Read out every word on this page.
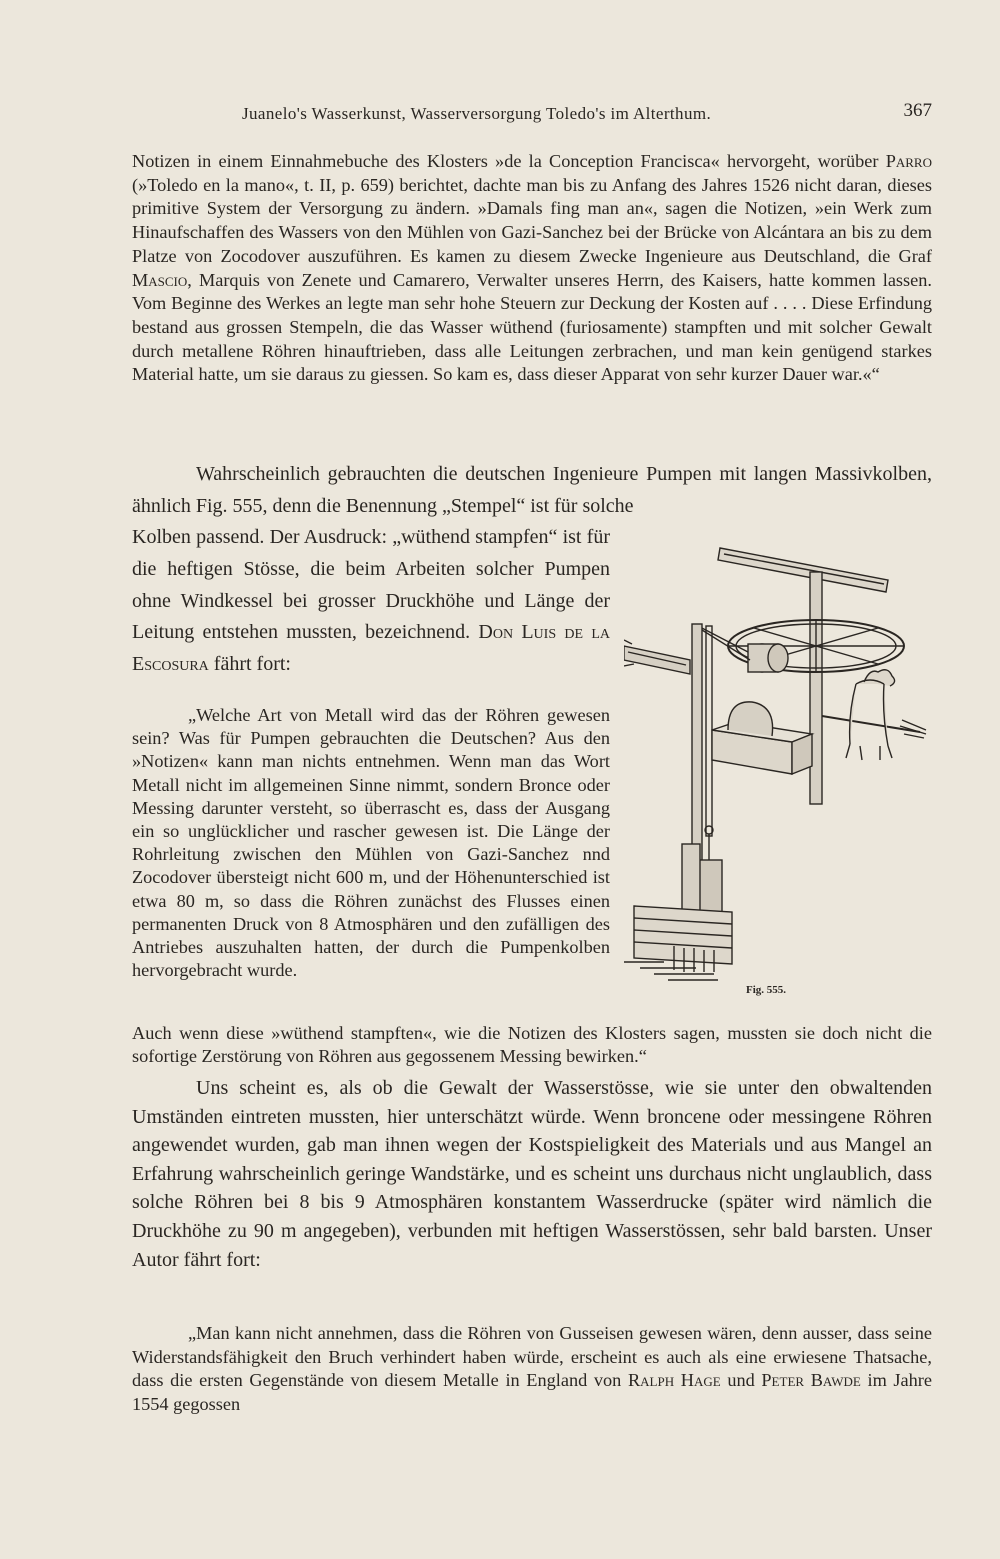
Juanelo's Wasserkunst, Wasserversorgung Toledo's im Alterthum.	367

Notizen in einem Einnahmebuche des Klosters »de la Conception Francisca« hervorgeht, worüber Parro (»Toledo en la mano«, t. II, p. 659) berichtet, dachte man bis zu Anfang des Jahres 1526 nicht daran, dieses primitive System der Versorgung zu ändern. »Damals fing man an«, sagen die Notizen, »ein Werk zum Hinaufschaffen des Wassers von den Mühlen von Gazi-Sanchez bei der Brücke von Alcántara an bis zu dem Platze von Zocodover auszuführen. Es kamen zu diesem Zwecke Ingenieure aus Deutschland, die Graf Mascio, Marquis von Zenete und Camarero, Verwalter unseres Herrn, des Kaisers, hatte kommen lassen. Vom Beginne des Werkes an legte man sehr hohe Steuern zur Deckung der Kosten auf . . . . Diese Erfindung bestand aus grossen Stempeln, die das Wasser wüthend (furiosamente) stampften und mit solcher Gewalt durch metallene Röhren hinauftrieben, dass alle Leitungen zerbrachen, und man kein genügend starkes Material hatte, um sie daraus zu giessen. So kam es, dass dieser Apparat von sehr kurzer Dauer war.«“

Wahrscheinlich gebrauchten die deutschen Ingenieure Pumpen mit langen Massivkolben, ähnlich Fig. 555, denn die Benennung „Stempel“ ist für solche

Kolben passend. Der Ausdruck: „wüthend stampfen“ ist für die heftigen Stösse, die beim Arbeiten solcher Pumpen ohne Windkessel bei grosser Druckhöhe und Länge der Leitung entstehen mussten, bezeichnend. Don Luis de la Escosura fährt fort:

„Welche Art von Metall wird das der Röhren gewesen sein? Was für Pumpen gebrauchten die Deutschen? Aus den »Notizen« kann man nichts entnehmen. Wenn man das Wort Metall nicht im allgemeinen Sinne nimmt, sondern Bronce oder Messing darunter versteht, so überrascht es, dass der Ausgang ein so unglücklicher und rascher gewesen ist. Die Länge der Rohrleitung zwischen den Mühlen von Gazi-Sanchez nnd Zocodover übersteigt nicht 600 m, und der Höhenunterschied ist etwa 80 m, so dass die Röhren zunächst des Flusses einen permanenten Druck von 8 Atmosphären und den zufälligen des Antriebes auszuhalten hatten, der durch die Pumpenkolben hervorgebracht wurde.

Auch wenn diese »wüthend stampften«, wie die Notizen des Klosters sagen, mussten sie doch nicht die sofortige Zerstörung von Röhren aus gegossenem Messing bewirken.“

Uns scheint es, als ob die Gewalt der Wasserstösse, wie sie unter den obwaltenden Umständen eintreten mussten, hier unterschätzt würde. Wenn broncene oder messingene Röhren angewendet wurden, gab man ihnen wegen der Kostspieligkeit des Materials und aus Mangel an Erfahrung wahrscheinlich geringe Wandstärke, und es scheint uns durchaus nicht unglaublich, dass solche Röhren bei 8 bis 9 Atmosphären konstantem Wasserdrucke (später wird nämlich die Druckhöhe zu 90 m angegeben), verbunden mit heftigen Wasserstössen, sehr bald barsten. Unser Autor fährt fort:

„Man kann nicht annehmen, dass die Röhren von Gusseisen gewesen wären, denn ausser, dass seine Widerstandsfähigkeit den Bruch verhindert haben würde, erscheint es auch als eine erwiesene Thatsache, dass die ersten Gegenstände von diesem Metalle in England von Ralph Hage und Peter Bawde im Jahre 1554 gegossen

Fig. 555.
